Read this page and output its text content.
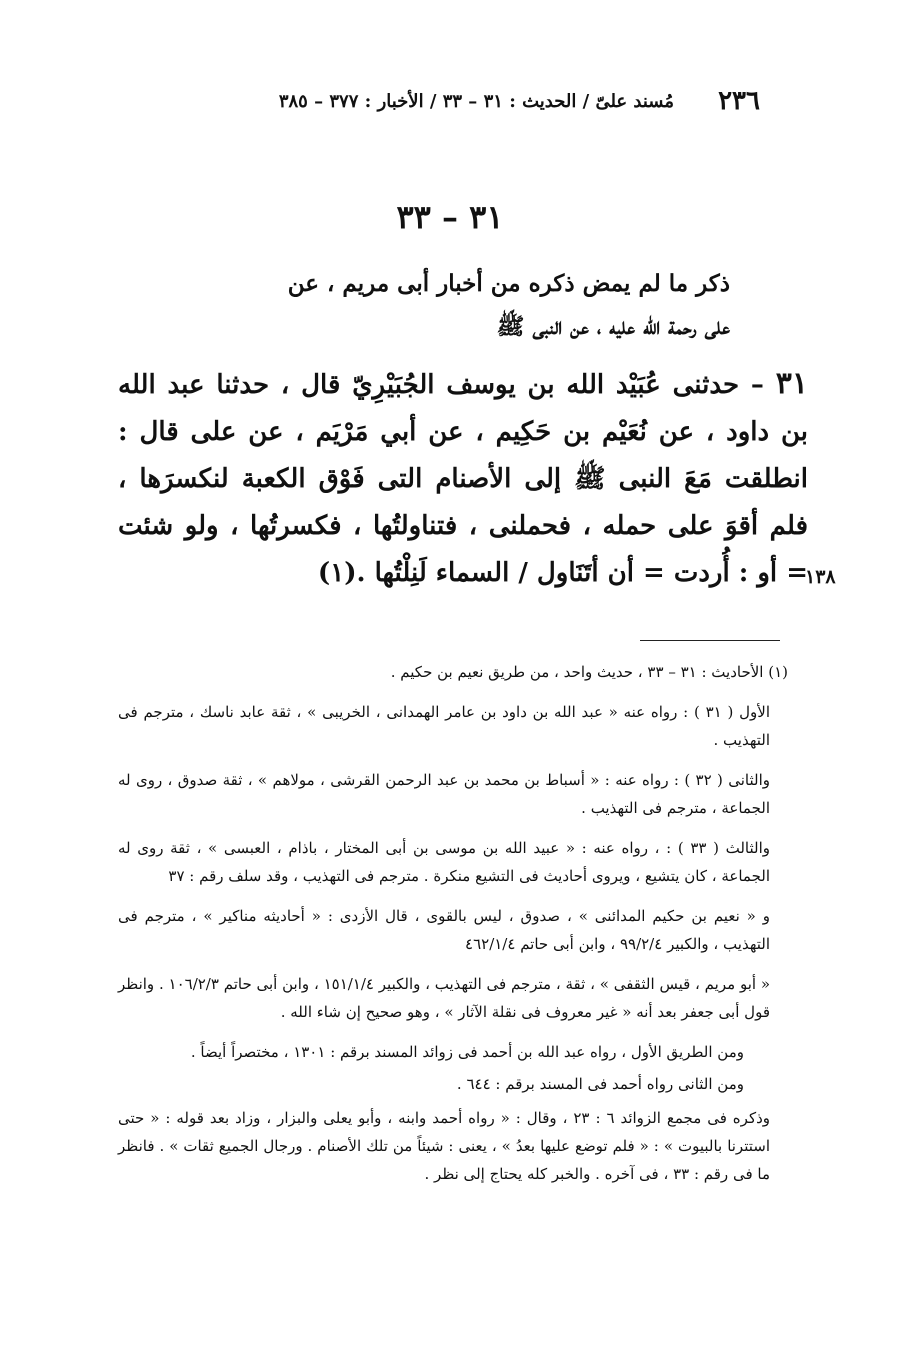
٢٣٦
مُسند علىّ / الحديث : ٣١ – ٣٣ / الأخبار : ٣٧٧ – ٣٨٥
٣١ – ٣٣
ذكر ما لم يمض ذكره من أخبار أبى مريم ، عن
على رحمة الله عليه ، عن النبى ﷺ
٣١ – حدثنى عُبَيْد الله بن يوسف الجُبَيْرِيّ قال ، حدثنا عبد الله بن داود ، عن نُعَيْم بن حَكِيم ، عن أبي مَرْيَم ، عن على قال : انطلقت مَعَ النبى ﷺ إلى الأصنام التى فَوْق الكعبة لنكسرَها ، فلم أقوَ على حمله ، فحملنى ، فتناولتُها ، فكسرتُها ، ولو شئت = أو : أُردت = أن أتَنَاول / السماء لَنِلْتُها .(١)
١٣٨
(١) الأحاديث : ٣١ – ٣٣ ، حديث واحد ، من طريق نعيم بن حكيم .
الأول ( ٣١ ) : رواه عنه « عبد الله بن داود بن عامر الهمدانى ، الخريبى » ، ثقة عابد ناسك ، مترجم فى التهذيب .
والثانى ( ٣٢ ) : رواه عنه : « أسباط بن محمد بن عبد الرحمن القرشى ، مولاهم » ، ثقة صدوق ، روى له الجماعة ، مترجم فى التهذيب .
والثالث ( ٣٣ ) : ، رواه عنه : « عبيد الله بن موسى بن أبى المختار ، باذام ، العبسى » ، ثقة روى له الجماعة ، كان يتشيع ، ويروى أحاديث فى التشيع منكرة . مترجم فى التهذيب ، وقد سلف رقم : ٣٧
و « نعيم بن حكيم المدائنى » ، صدوق ، ليس بالقوى ، قال الأزدى : « أحاديثه مناكير » ، مترجم فى التهذيب ، والكبير ٩٩/٢/٤ ، وابن أبى حاتم ٤٦٢/١/٤
« أبو مريم ، قيس الثقفى » ، ثقة ، مترجم فى التهذيب ، والكبير ١٥١/١/٤ ، وابن أبى حاتم ١٠٦/٢/٣ . وانظر قول أبى جعفر بعد أنه « غير معروف فى نقلة الآثار » ، وهو صحيح إن شاء الله .
ومن الطريق الأول ، رواه عبد الله بن أحمد فى زوائد المسند برقم : ١٣٠١ ، مختصراً أيضاً .
ومن الثانى رواه أحمد فى المسند برقم : ٦٤٤ .
وذكره فى مجمع الزوائد ٦ : ٢٣ ، وقال : « رواه أحمد وابنه ، وأبو يعلى والبزار ، وزاد بعد قوله : « حتى استترنا بالبيوت » : « فلم توضع عليها بعدُ » ، يعنى : شيئاً من تلك الأصنام . ورجال الجميع ثقات » . فانظر ما فى رقم : ٣٣ ، فى آخره . والخبر كله يحتاج إلى نظر .
